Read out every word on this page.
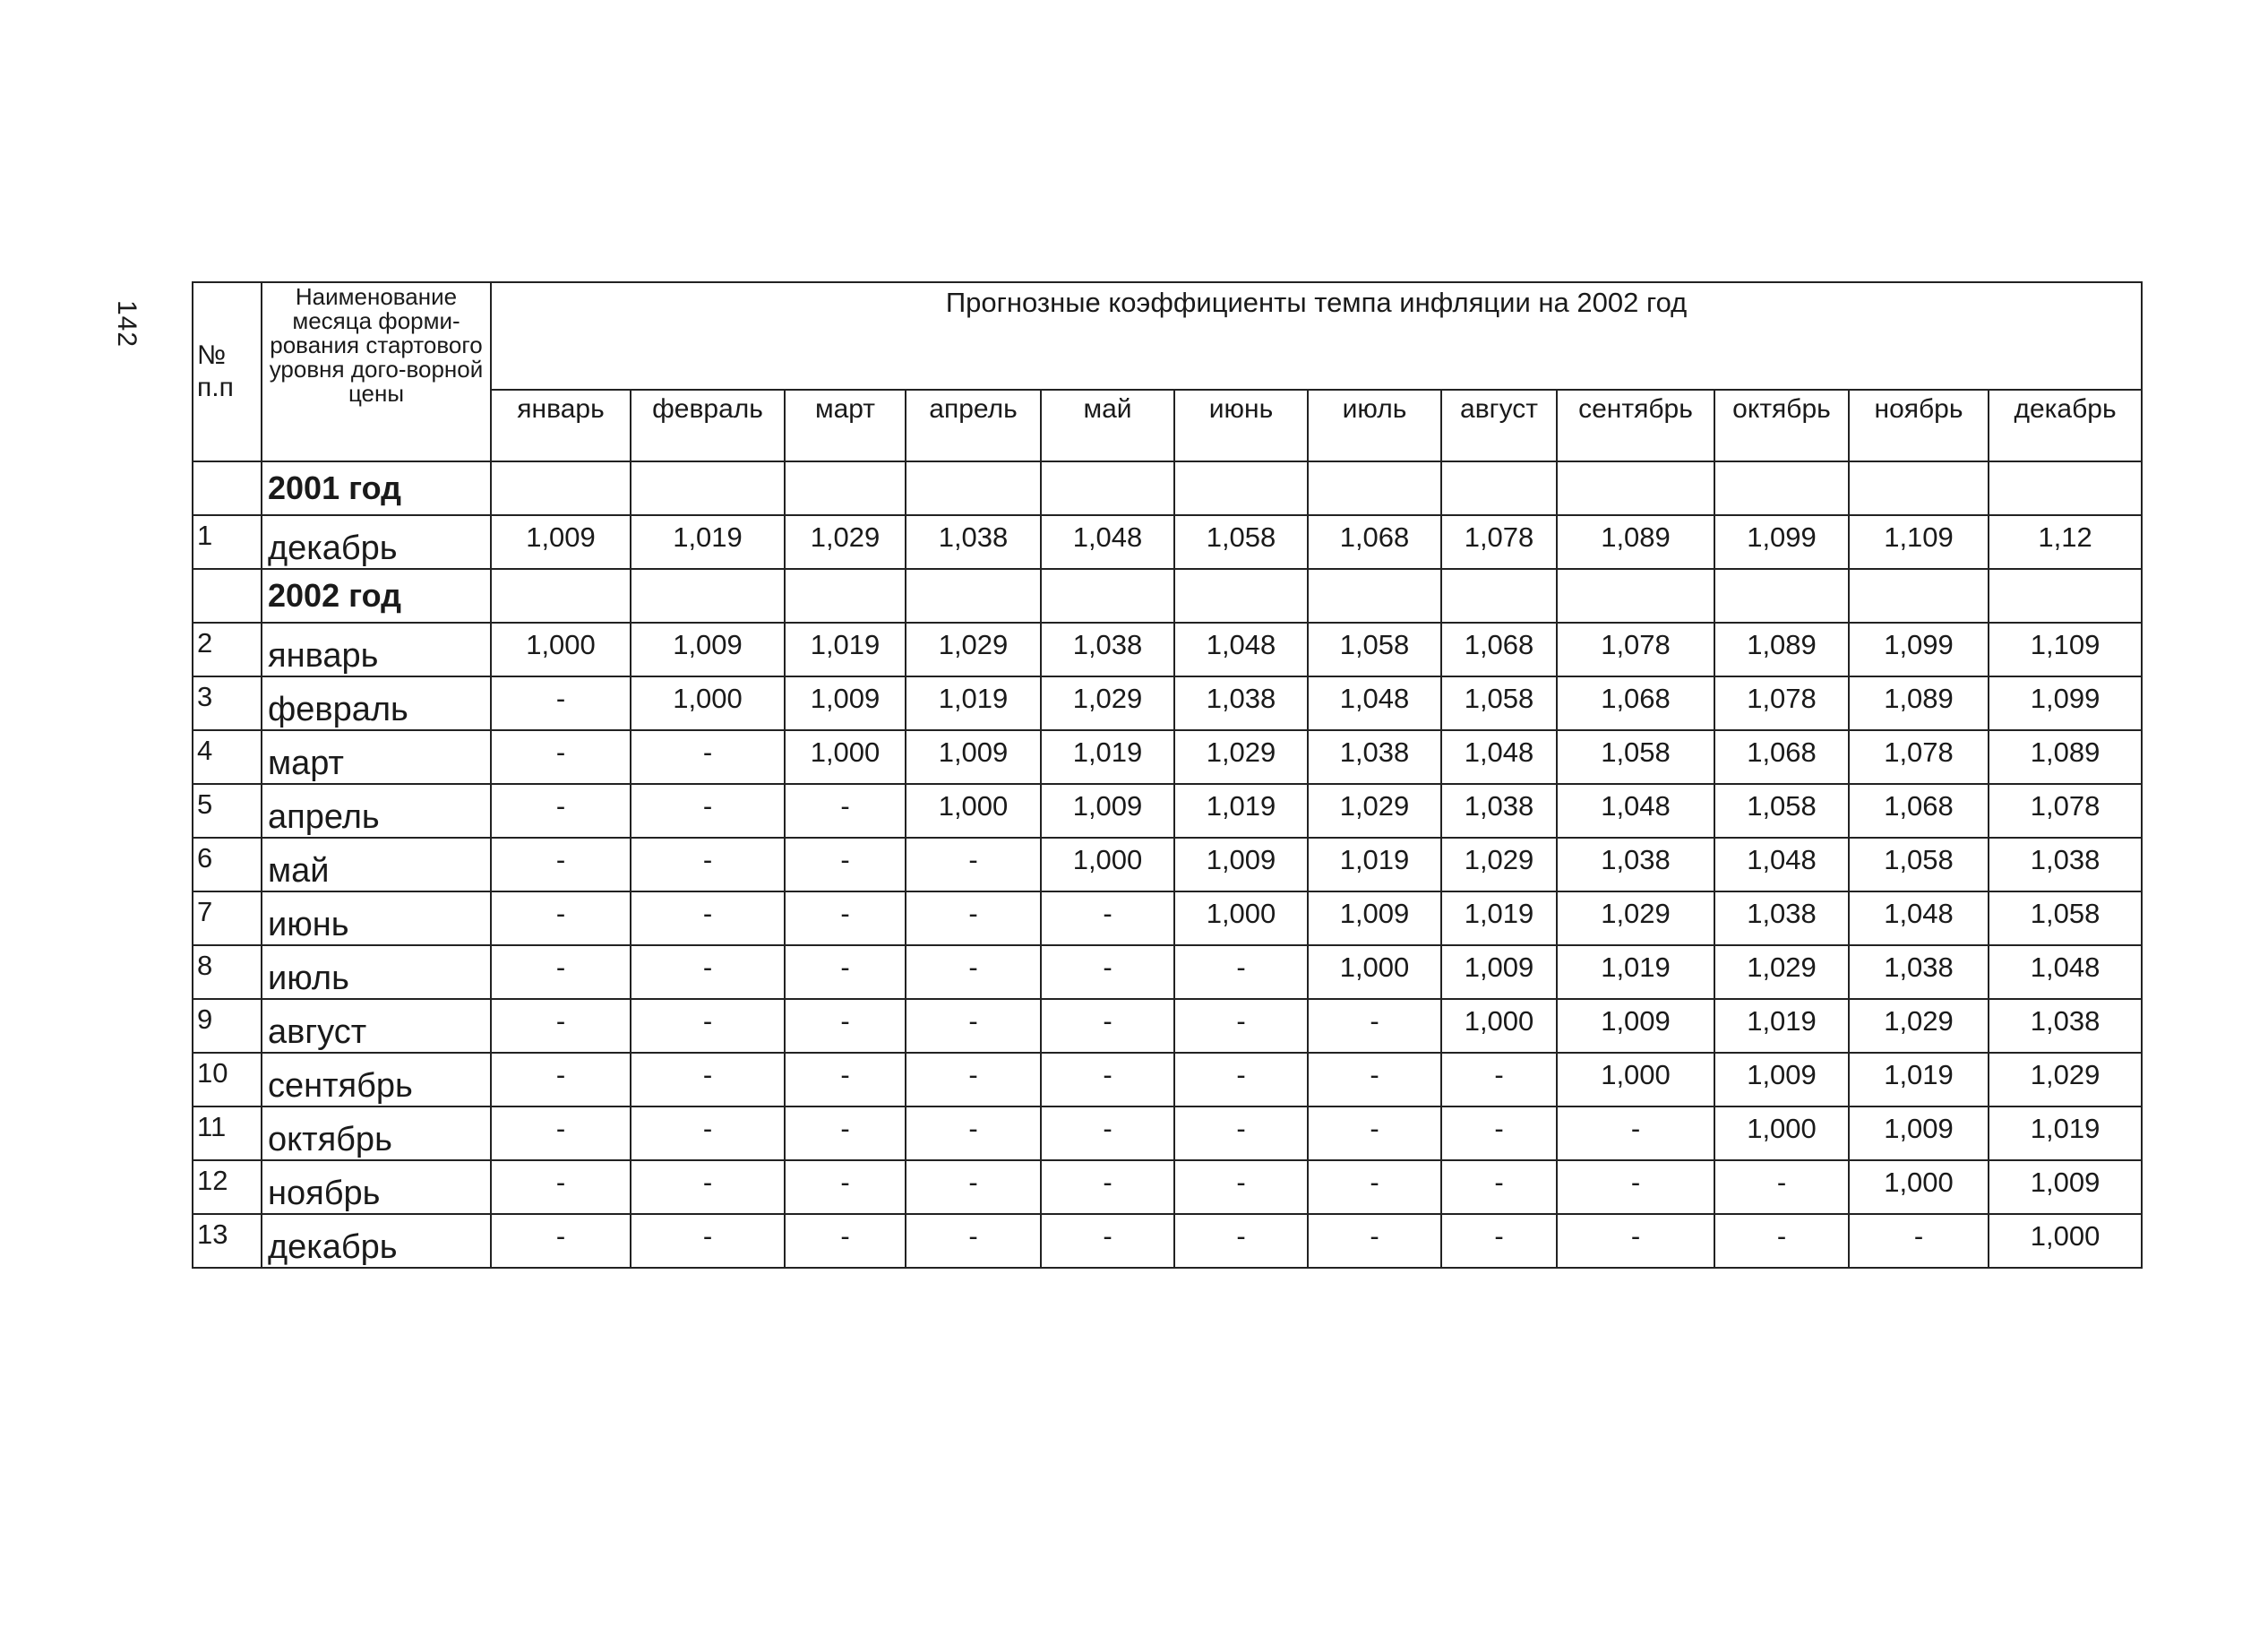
142
№
п.п	Наименование месяца форми-рования стартового уровня дого-ворной цены	Прогнозные коэффициенты темпа инфляции на 2002 год											
		январь	февраль	март	апрель	май	июнь	июль	август	сентябрь	октябрь	ноябрь	декабрь
	2001 год												
1	декабрь	1,009	1,019	1,029	1,038	1,048	1,058	1,068	1,078	1,089	1,099	1,109	1,12
	2002 год												
2	январь	1,000	1,009	1,019	1,029	1,038	1,048	1,058	1,068	1,078	1,089	1,099	1,109
3	февраль	-	1,000	1,009	1,019	1,029	1,038	1,048	1,058	1,068	1,078	1,089	1,099
4	март	-	-	1,000	1,009	1,019	1,029	1,038	1,048	1,058	1,068	1,078	1,089
5	апрель	-	-	-	1,000	1,009	1,019	1,029	1,038	1,048	1,058	1,068	1,078
6	май	-	-	-	-	1,000	1,009	1,019	1,029	1,038	1,048	1,058	1,038
7	июнь	-	-	-	-	-	1,000	1,009	1,019	1,029	1,038	1,048	1,058
8	июль	-	-	-	-	-	-	1,000	1,009	1,019	1,029	1,038	1,048
9	август	-	-	-	-	-	-	-	1,000	1,009	1,019	1,029	1,038
10	сентябрь	-	-	-	-	-	-	-	-	1,000	1,009	1,019	1,029
11	октябрь	-	-	-	-	-	-	-	-	-	1,000	1,009	1,019
12	ноябрь	-	-	-	-	-	-	-	-	-	-	1,000	1,009
13	декабрь	-	-	-	-	-	-	-	-	-	-	-	1,000
